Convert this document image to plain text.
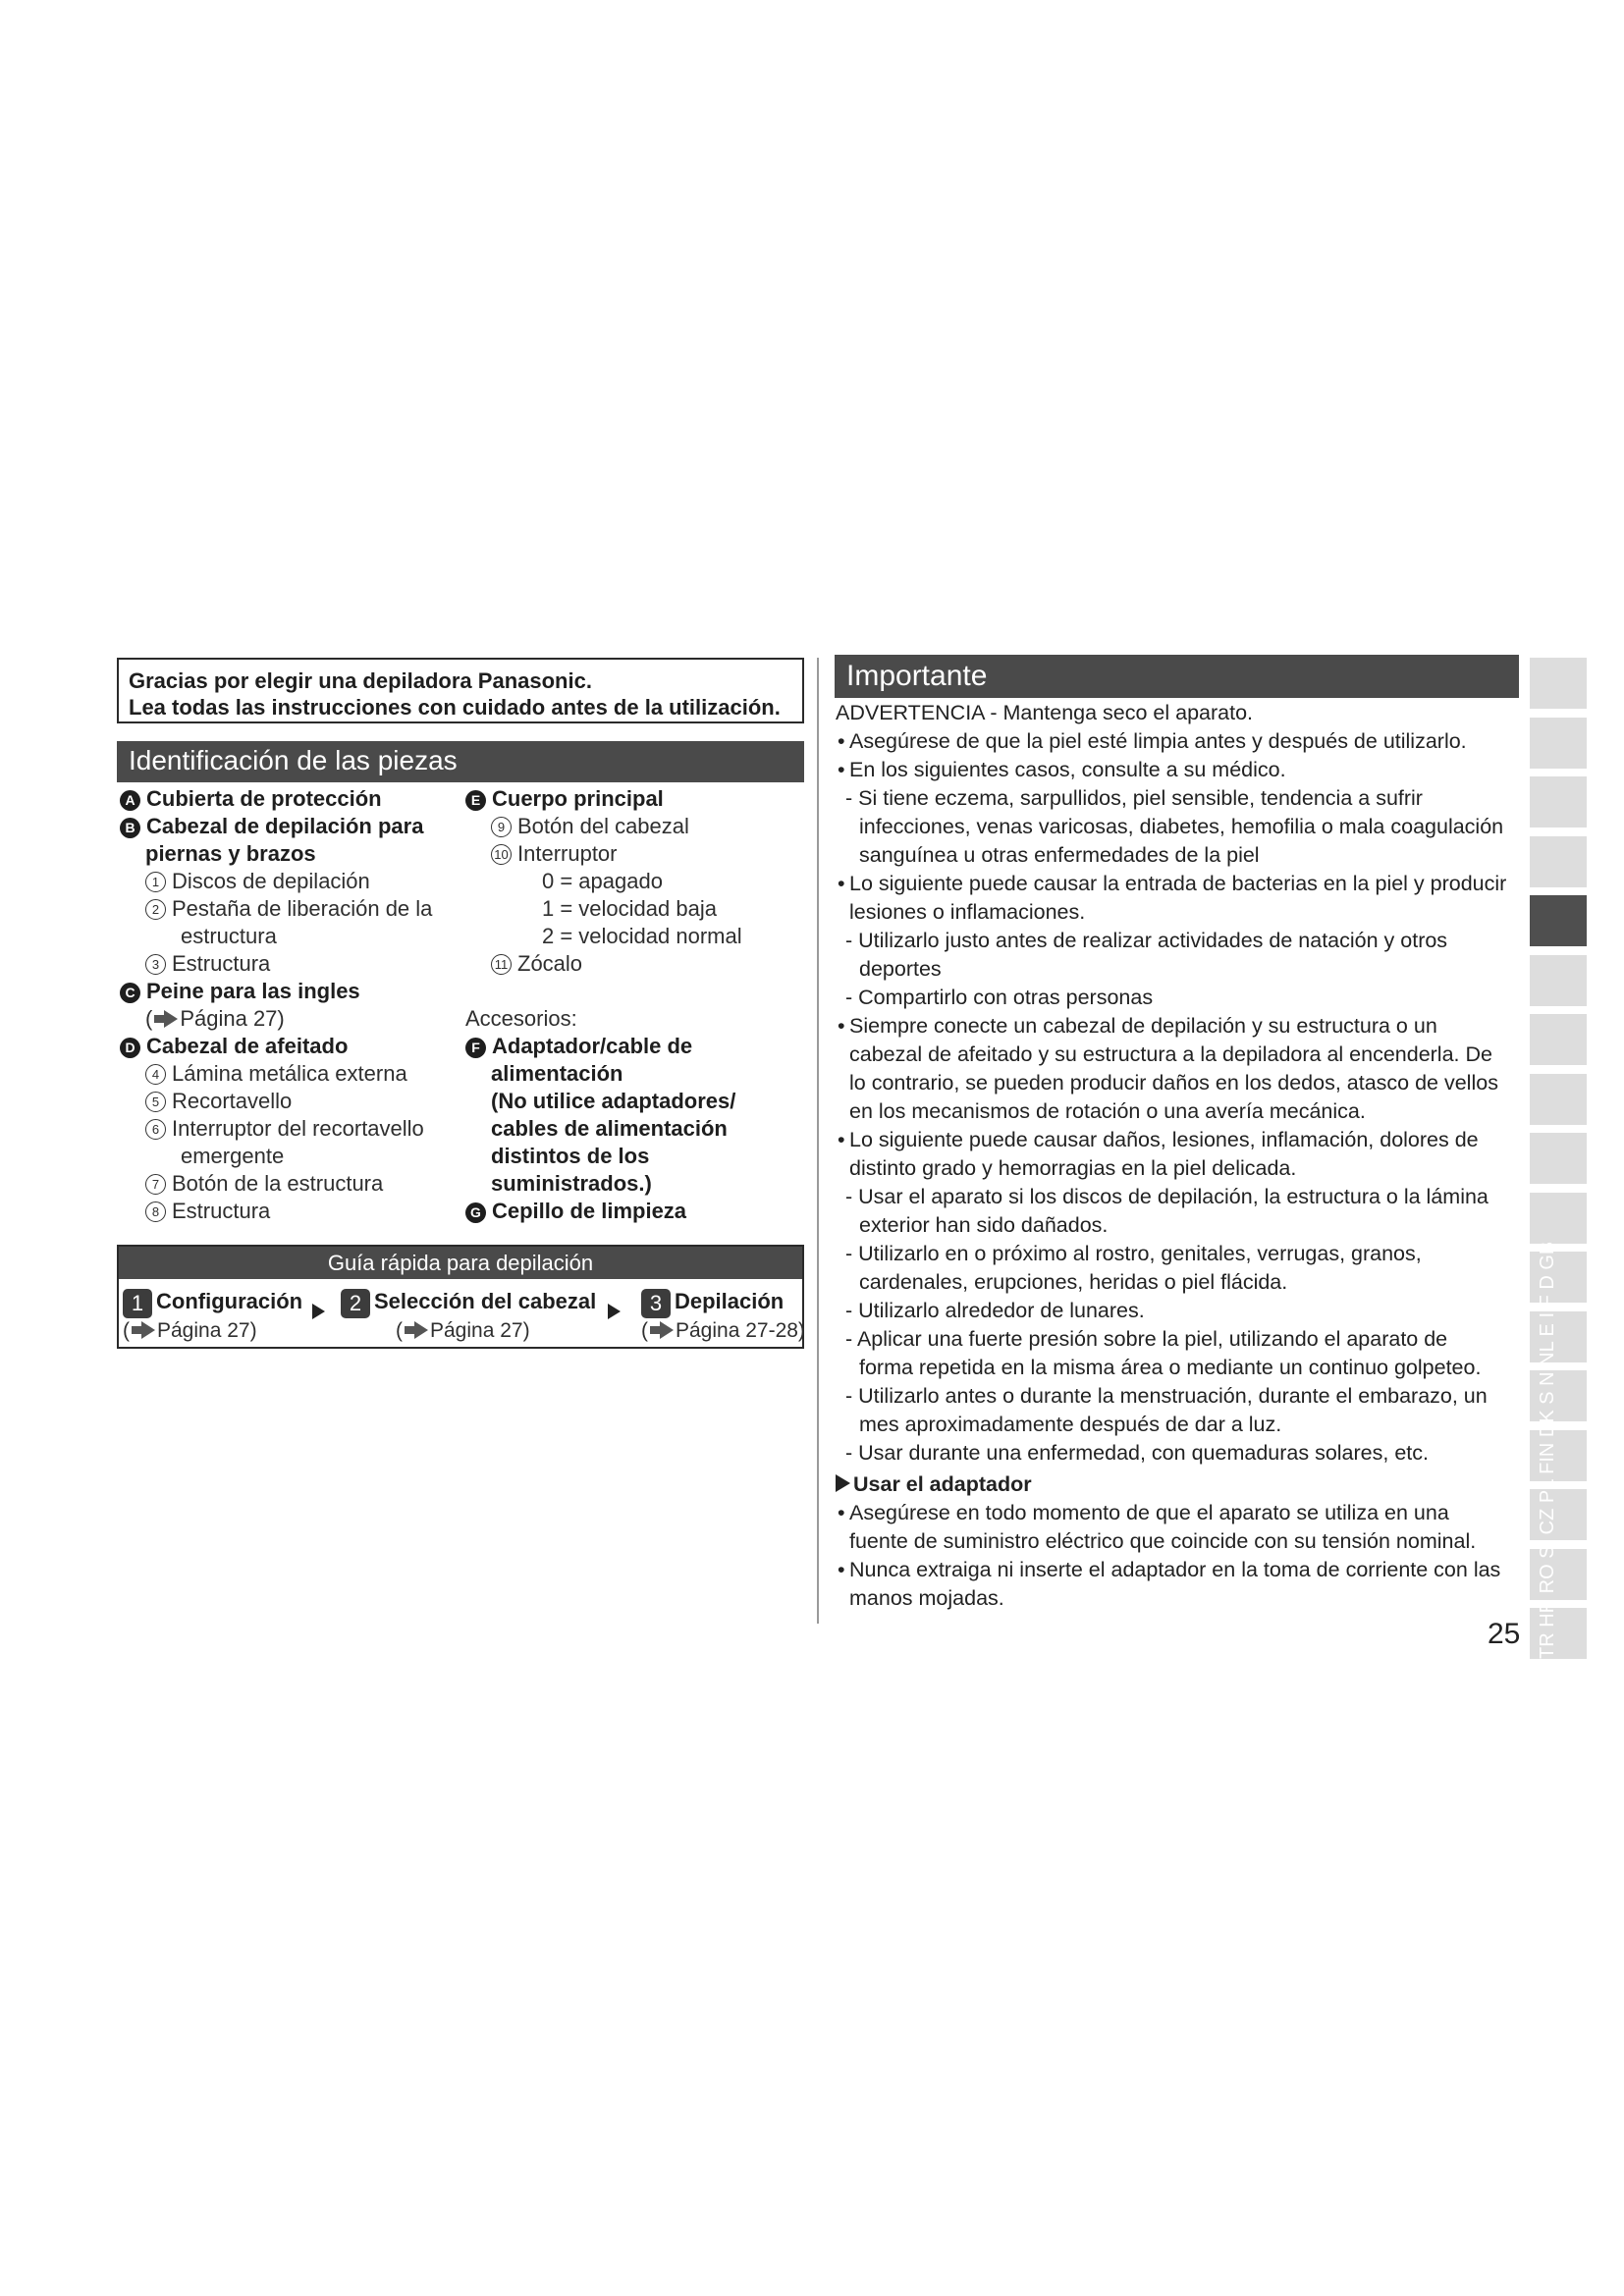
Gracias por elegir una depiladora Panasonic.
Lea todas las instrucciones con cuidado antes de la utilización.
Identificación de las piezas
A Cubierta de protección
B Cabezal de depilación para
piernas y brazos
1 Discos de depilación
2 Pestaña de liberación de la
estructura
3 Estructura
C Peine para las ingles
( Página 27)
D Cabezal de afeitado
4 Lámina metálica externa
5 Recortavello
6 Interruptor del recortavello
emergente
7 Botón de la estructura
8 Estructura
E Cuerpo principal
9 Botón del cabezal
10 Interruptor
0 = apagado
1 = velocidad baja
2 = velocidad normal
11 Zócalo
Accesorios:
F Adaptador/cable de
alimentación
(No utilice adaptadores/
cables de alimentación
distintos de los
suministrados.)
G Cepillo de limpieza
Guía rápida para depilación
1 Configuración
( Página 27)
2 Selección del cabezal
( Página 27)
3 Depilación
( Página 27-28)
Importante
ADVERTENCIA - Mantenga seco el aparato.
• Asegúrese de que la piel esté limpia antes y después de utilizarlo.
• En los siguientes casos, consulte a su médico.
- Si tiene eczema, sarpullidos, piel sensible, tendencia a sufrir
infecciones, venas varicosas, diabetes, hemofilia o mala coagulación
sanguínea u otras enfermedades de la piel
• Lo siguiente puede causar la entrada de bacterias en la piel y producir
lesiones o inflamaciones.
- Utilizarlo justo antes de realizar actividades de natación y otros
deportes
- Compartirlo con otras personas
• Siempre conecte un cabezal de depilación y su estructura o un
cabezal de afeitado y su estructura a la depiladora al encenderla. De
lo contrario, se pueden producir daños en los dedos, atasco de vellos
en los mecanismos de rotación o una avería mecánica.
• Lo siguiente puede causar daños, lesiones, inflamación, dolores de
distinto grado y hemorragias en la piel delicada.
- Usar el aparato si los discos de depilación, la estructura o la lámina
exterior han sido dañados.
- Utilizarlo en o próximo al rostro, genitales, verrugas, granos,
cardenales, erupciones, heridas o piel flácida.
- Utilizarlo alrededor de lunares.
- Aplicar una fuerte presión sobre la piel, utilizando el aparato de
forma repetida en la misma área o mediante un continuo golpeteo.
- Utilizarlo antes o durante la menstruación, durante el embarazo, un
mes aproximadamente después de dar a luz.
- Usar durante una enfermedad, con quemaduras solares, etc.
Usar el adaptador
• Asegúrese en todo momento de que el aparato se utiliza en una
fuente de suministro eléctrico que coincide con su tensión nominal.
• Nunca extraiga ni inserte el adaptador en la toma de corriente con las
manos mojadas.
25 TR HR RO SI CZ PL FIN DK S N NL E I F D GB
